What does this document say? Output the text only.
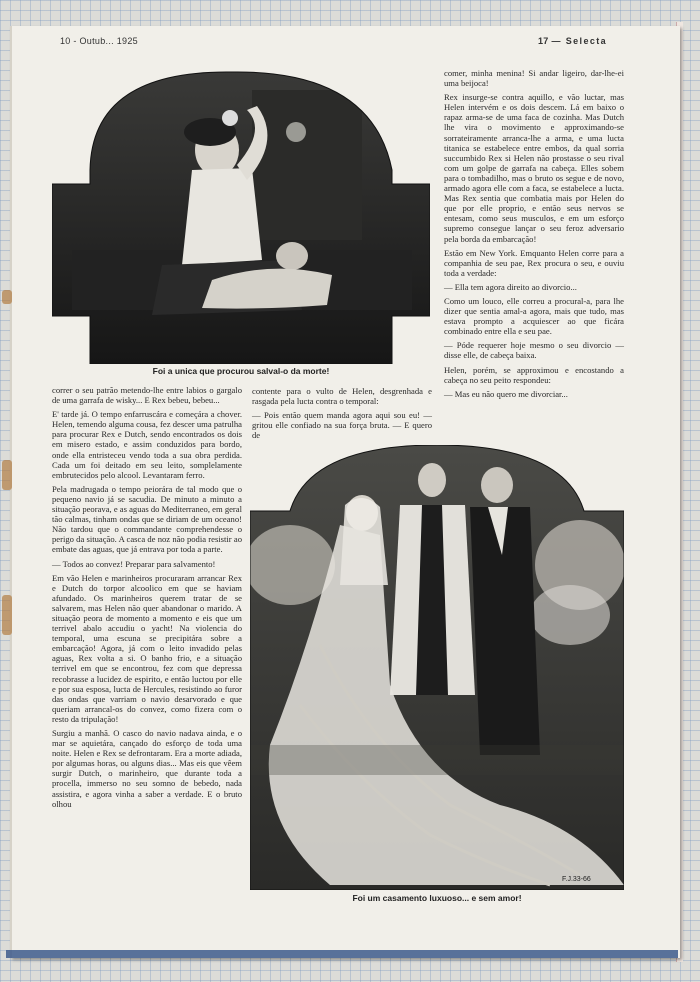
10 - Outub... 1925	17 — Selecta
Foi a unica que procurou salval-o da morte!
F.J.33-66
Foi um casamento luxuoso... e sem amor!

correr o seu patrão metendo-lhe entre labios o gargalo de uma garrafa de wisky... E Rex bebeu, bebeu...

E' tarde já. O tempo enfarruscára e começára a chover. Helen, temendo alguma cousa, fez descer uma patrulha para procurar Rex e Dutch, sendo encontrados os dois em misero estado, e assim conduzidos para bordo, onde ella entristeceu vendo toda a sua obra perdida. Cada um foi deitado em seu leito, somplelamente embrutecidos pelo alcool. Levantaram ferro.

Pela madrugada o tempo peiorára de tal modo que o pequeno navio já se sacudia. De minuto a minuto a situação peorava, e as aguas do Mediterraneo, em geral tão calmas, tinham ondas que se diriam de um oceano! Não tardou que o commandante comprehendesse o perigo da situação. A casca de noz não podia resistir ao embate das aguas, que já entrava por toda a parte.

— Todos ao convez! Preparar para salvamento!

Em vão Helen e marinheiros procuraram arrancar Rex e Dutch do torpor alcoolico em que se haviam afundado. Os marinheiros querem tratar de se salvarem, mas Helen não quer abandonar o marido. A situação peora de momento a momento e eis que um terrivel abalo accudiu o yacht! Na violencia do temporal, uma escuna se precipitára sobre a embarcação! Agora, já com o leito invadido pelas aguas, Rex volta a si. O banho frio, e a situação terrivel em que se encontrou, fez com que depressa recobrasse a lucidez de espirito, e então luctou por elle e por sua esposa, lucta de Hercules, resistindo ao furor das ondas que varriam o navio desarvorado e que queriam arrancal-os do convez, como fizera com o resto da tripulação!

Surgiu a manhã. O casco do navio nadava ainda, e o mar se aquietára, cançado do esforço de toda uma noite. Helen e Rex se defrontaram. Era a morte adiada, por algumas horas, ou alguns dias... Mas eis que vêem surgir Dutch, o marinheiro, que durante toda a procella, immerso no seu somno de bebedo, nada assistira, e agora vinha a saber a verdade. E o bruto olhou

contente para o vulto de Helen, desgrenhada e rasgada pela lucta contra o temporal:

— Pois então quem manda agora aqui sou eu! — gritou elle confiado na sua força bruta. — E quero de

comer, minha menina! Si andar ligeiro, dar-lhe-ei uma beijoca!

Rex insurge-se contra aquillo, e vão luctar, mas Helen intervém e os dois descem. Lá em baixo o rapaz arma-se de uma faca de cozinha. Mas Dutch lhe vira o movimento e approximando-se sorrateiramente arranca-lhe a arma, e uma lucta titanica se estabelece entre embos, da qual sorria succumbido Rex si Helen não prostasse o seu rival com um golpe de garrafa na cabeça. Elles sobem para o tombadilho, mas o bruto os segue e de novo, armado agora elle com a faca, se estabelece a lucta. Mas Rex sentia que combatia mais por Helen do que por elle proprio, e então seus nervos se entesam, como seus musculos, e em um esforço supremo consegue lançar o seu feroz adversario pela borda da embarcação!

Estão em New York. Emquanto Helen corre para a companhia de seu pae, Rex procura o seu, e ouviu toda a verdade:

— Ella tem agora direito ao divorcio...

Como um louco, elle correu a procural-a, para lhe dizer que sentia amal-a agora, mais que tudo, mas estava prompto a acquiescer ao que ficára combinado entre ella e seu pae.

— Póde requerer hoje mesmo o seu divorcio — disse elle, de cabeça baixa.

Helen, porém, se approximou e encostando a cabeça no seu peito respondeu:

— Mas eu não quero me divorciar...
